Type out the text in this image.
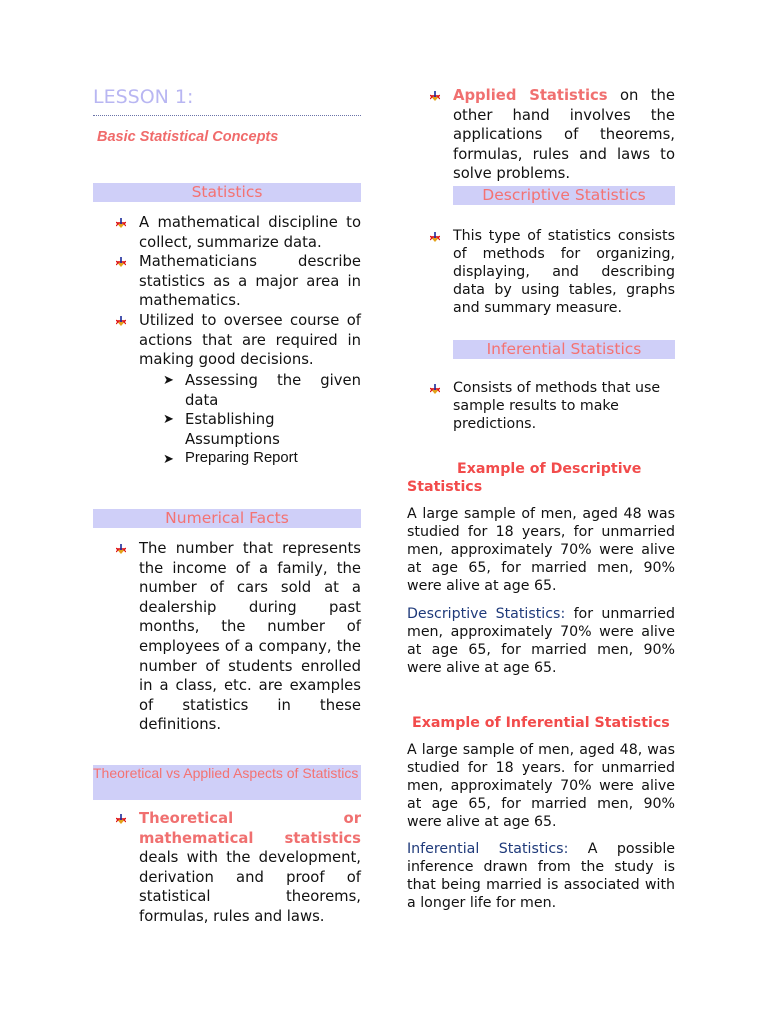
LESSON 1:
Basic Statistical Concepts
Statistics
A mathematical discipline to collect, summarize data.
Mathematicians describe statistics as a major area in mathematics.
Utilized to oversee course of actions that are required in making good decisions.
➤ Assessing the given data
➤ Establishing Assumptions
➤ Preparing Report
Numerical Facts
The number that represents the income of a family, the number of cars sold at a dealership during past months, the number of employees of a company, the number of students enrolled in a class, etc. are examples of statistics in these definitions.
Theoretical vs Applied Aspects of Statistics
Theoretical or mathematical statistics deals with the development, derivation and proof of statistical theorems, formulas, rules and laws.
Applied Statistics on the other hand involves the applications of theorems, formulas, rules and laws to solve problems.
Descriptive Statistics
This type of statistics consists of methods for organizing, displaying, and describing data by using tables, graphs and summary measure.
Inferential Statistics
Consists of methods that use sample results to make predictions.
Example of Descriptive Statistics
A large sample of men, aged 48 was studied for 18 years, for unmarried men, approximately 70% were alive at age 65, for married men, 90% were alive at age 65.
Descriptive Statistics: for unmarried men, approximately 70% were alive at age 65, for married men, 90% were alive at age 65.
Example of Inferential Statistics
A large sample of men, aged 48, was studied for 18 years. for unmarried men, approximately 70% were alive at age 65, for married men, 90% were alive at age 65.
Inferential Statistics: A possible inference drawn from the study is that being married is associated with a longer life for men.
